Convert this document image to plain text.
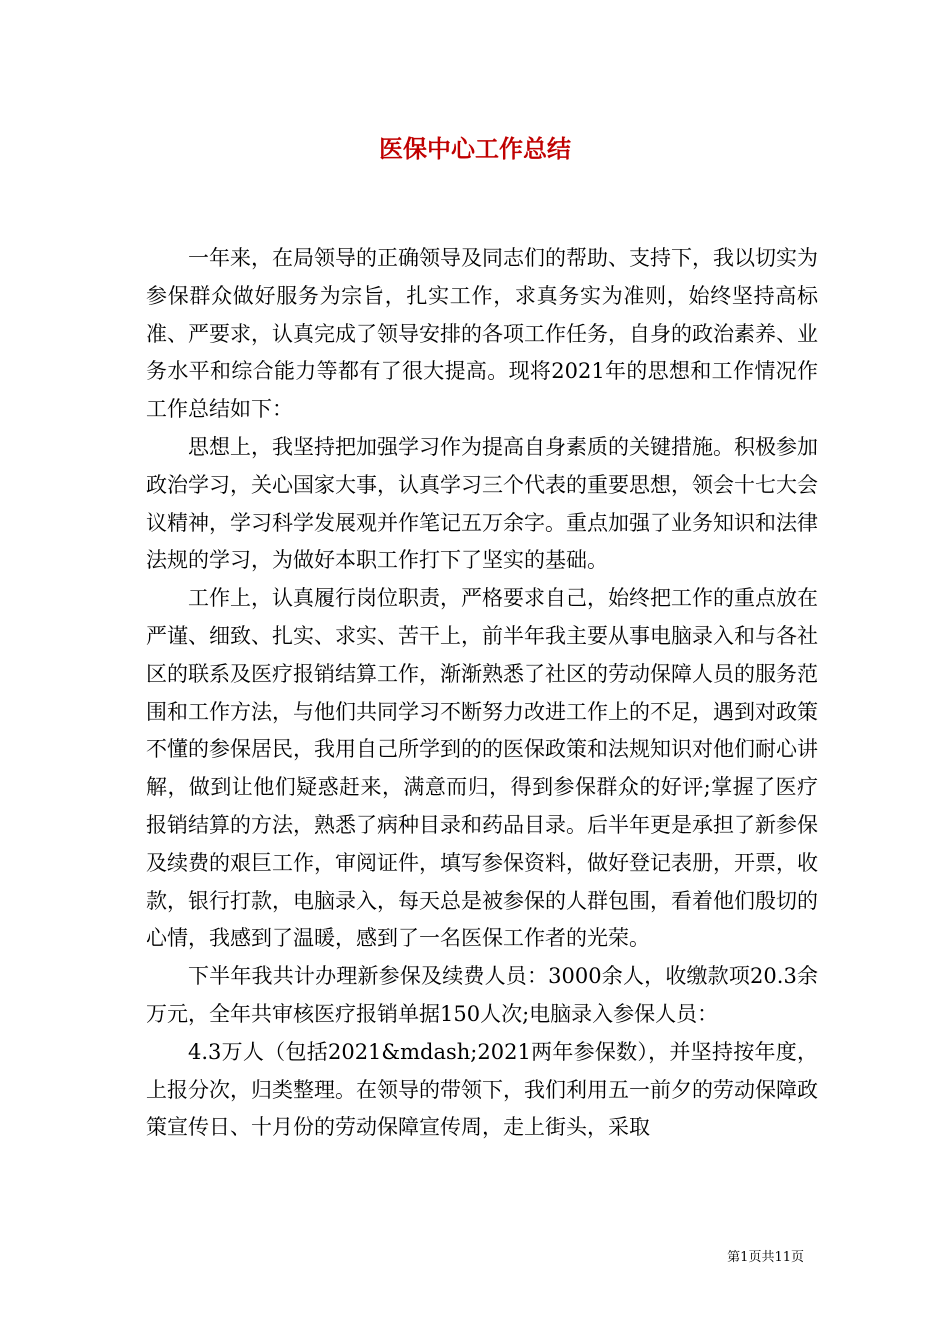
医保中心工作总结

一年来，在局领导的正确领导及同志们的帮助、支持下，我以切实为参保群众做好服务为宗旨，扎实工作，求真务实为准则，始终坚持高标准、严要求，认真完成了领导安排的各项工作任务，自身的政治素养、业务水平和综合能力等都有了很大提高。现将2021年的思想和工作情况作工作总结如下：

思想上，我坚持把加强学习作为提高自身素质的关键措施。积极参加政治学习，关心国家大事，认真学习三个代表的重要思想，领会十七大会议精神，学习科学发展观并作笔记五万余字。重点加强了业务知识和法律法规的学习，为做好本职工作打下了坚实的基础。

工作上，认真履行岗位职责，严格要求自己，始终把工作的重点放在严谨、细致、扎实、求实、苦干上，前半年我主要从事电脑录入和与各社区的联系及医疗报销结算工作，渐渐熟悉了社区的劳动保障人员的服务范围和工作方法，与他们共同学习不断努力改进工作上的不足，遇到对政策不懂的参保居民，我用自己所学到的的医保政策和法规知识对他们耐心讲解，做到让他们疑惑赶来，满意而归，得到参保群众的好评;掌握了医疗报销结算的方法，熟悉了病种目录和药品目录。后半年更是承担了新参保及续费的艰巨工作，审阅证件，填写参保资料，做好登记表册，开票，收款，银行打款，电脑录入，每天总是被参保的人群包围，看着他们殷切的心情，我感到了温暖，感到了一名医保工作者的光荣。

下半年我共计办理新参保及续费人员：3000余人，收缴款项20.3余万元，全年共审核医疗报销单据150人次;电脑录入参保人员：

4.3万人（包括2021&mdash;2021两年参保数），并坚持按年度，上报分次，归类整理。在领导的带领下，我们利用五一前夕的劳动保障政策宣传日、十月份的劳动保障宣传周，走上街头，采取

第1页共11页
